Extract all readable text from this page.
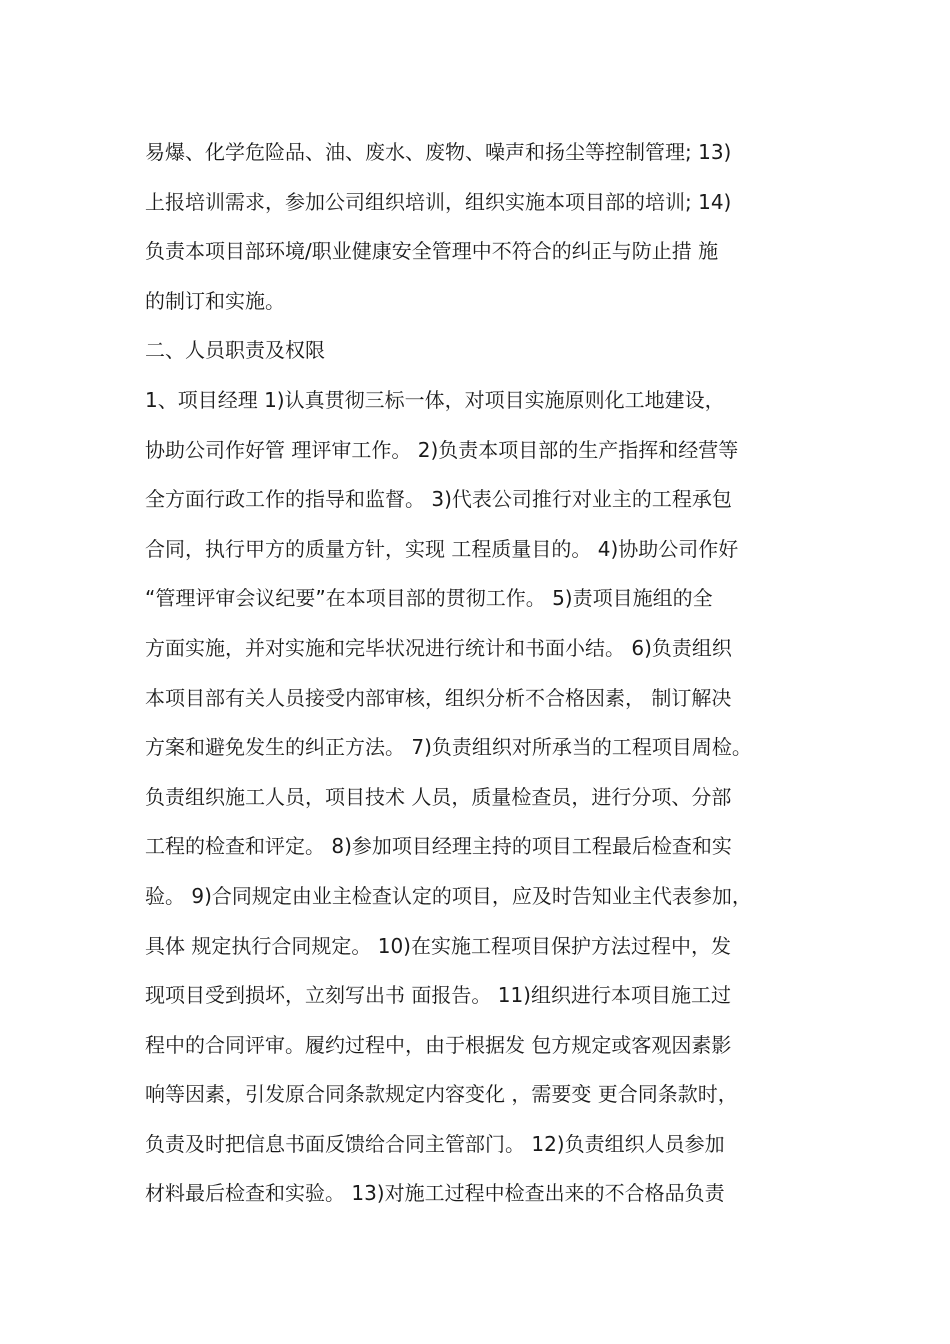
易爆、化学危险品、油、废水、废物、噪声和扬尘等控制管理; 13)
上报培训需求，参加公司组织培训，组织实施本项目部的培训; 14)
负责本项目部环境/职业健康安全管理中不符合的纠正与防止措 施
的制订和实施。
二、人员职责及权限
1、项目经理 1)认真贯彻三标一体，对项目实施原则化工地建设，
协助公司作好管 理评审工作。 2)负责本项目部的生产指挥和经营等
全方面行政工作的指导和监督。 3)代表公司推行对业主的工程承包
合同，执行甲方的质量方针，实现 工程质量目的。 4)协助公司作好
“管理评审会议纪要”在本项目部的贯彻工作。 5)责项目施组的全
方面实施，并对实施和完毕状况进行统计和书面小结。 6)负责组织
本项目部有关人员接受内部审核，组织分析不合格因素， 制订解决
方案和避免发生的纠正方法。 7)负责组织对所承当的工程项目周检。
负责组织施工人员，项目技术 人员，质量检查员，进行分项、分部
工程的检查和评定。 8)参加项目经理主持的项目工程最后检查和实
验。 9)合同规定由业主检查认定的项目，应及时告知业主代表参加，
具体 规定执行合同规定。 10)在实施工程项目保护方法过程中，发
现项目受到损坏，立刻写出书 面报告。 11)组织进行本项目施工过
程中的合同评审。履约过程中，由于根据发 包方规定或客观因素影
响等因素，引发原合同条款规定内容变化 ，需要变 更合同条款时，
负责及时把信息书面反馈给合同主管部门。 12)负责组织人员参加
材料最后检查和实验。 13)对施工过程中检查出来的不合格品负责
